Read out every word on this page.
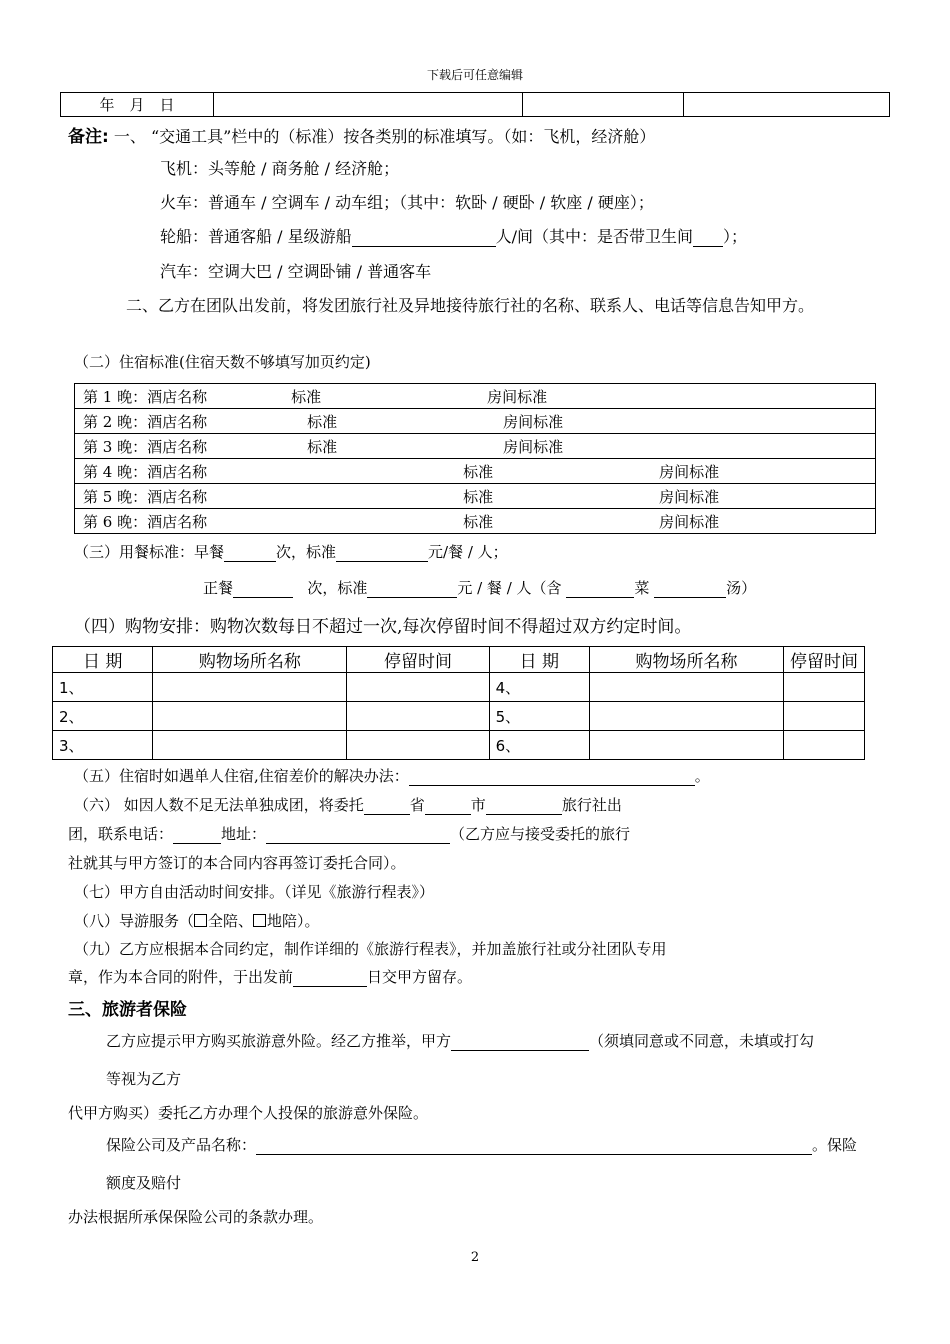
下载后可任意编辑
年　月　日			
备注: 一、 “交通工具”栏中的（标准）按各类别的标准填写。（如：飞机，经济舱）
飞机：头等舱 / 商务舱 / 经济舱；
火车：普通车 / 空调车 / 动车组；（其中：软卧 / 硬卧 / 软座 / 硬座）；
轮船：普通客船 / 星级游船	人/间（其中：是否带卫生间 ）；
汽车：空调大巴 / 空调卧铺 / 普通客车
二、乙方在团队出发前，将发团旅行社及异地接待旅行社的名称、联系人、电话等信息告知甲方。
（二）住宿标准(住宿天数不够填写加页约定)
第 1 晚：酒店名称	标准	房间标准
第 2 晚：酒店名称	标准	房间标准
第 3 晚：酒店名称	标准	房间标准
第 4 晚：酒店名称	标准	房间标准
第 5 晚：酒店名称	标准	房间标准
第 6 晚：酒店名称	标准	房间标准
（三）用餐标准：早餐	次，标准	元/餐 / 人；
正餐	次，标准	元 / 餐 / 人（含	菜	汤）
（四）购物安排：购物次数每日不超过一次,每次停留时间不得超过双方约定时间。
日 期	购物场所名称	停留时间	日 期	购物场所名称	停留时间
1、			4、		
2、			5、		
3、			6、		
（五）住宿时如遇单人住宿,住宿差价的解决办法：	。
（六） 如因人数不足无法单独成团，将委托	省	市	旅行社出
团，联系电话：	地址：	（乙方应与接受委托的旅行
社就其与甲方签订的本合同内容再签订委托合同）。
（七）甲方自由活动时间安排。（详见《旅游行程表》）
（八）导游服务（ 全陪、 地陪）。
（九）乙方应根据本合同约定，制作详细的《旅游行程表》，并加盖旅行社或分社团队专用
章，作为本合同的附件，于出发前	日交甲方留存。
三、旅游者保险
乙方应提示甲方购买旅游意外险。经乙方推举，甲方	（须填同意或不同意，未填或打勾
等视为乙方
代甲方购买）委托乙方办理个人投保的旅游意外保险。
保险公司及产品名称：	。保险
额度及赔付
办法根据所承保保险公司的条款办理。
2
